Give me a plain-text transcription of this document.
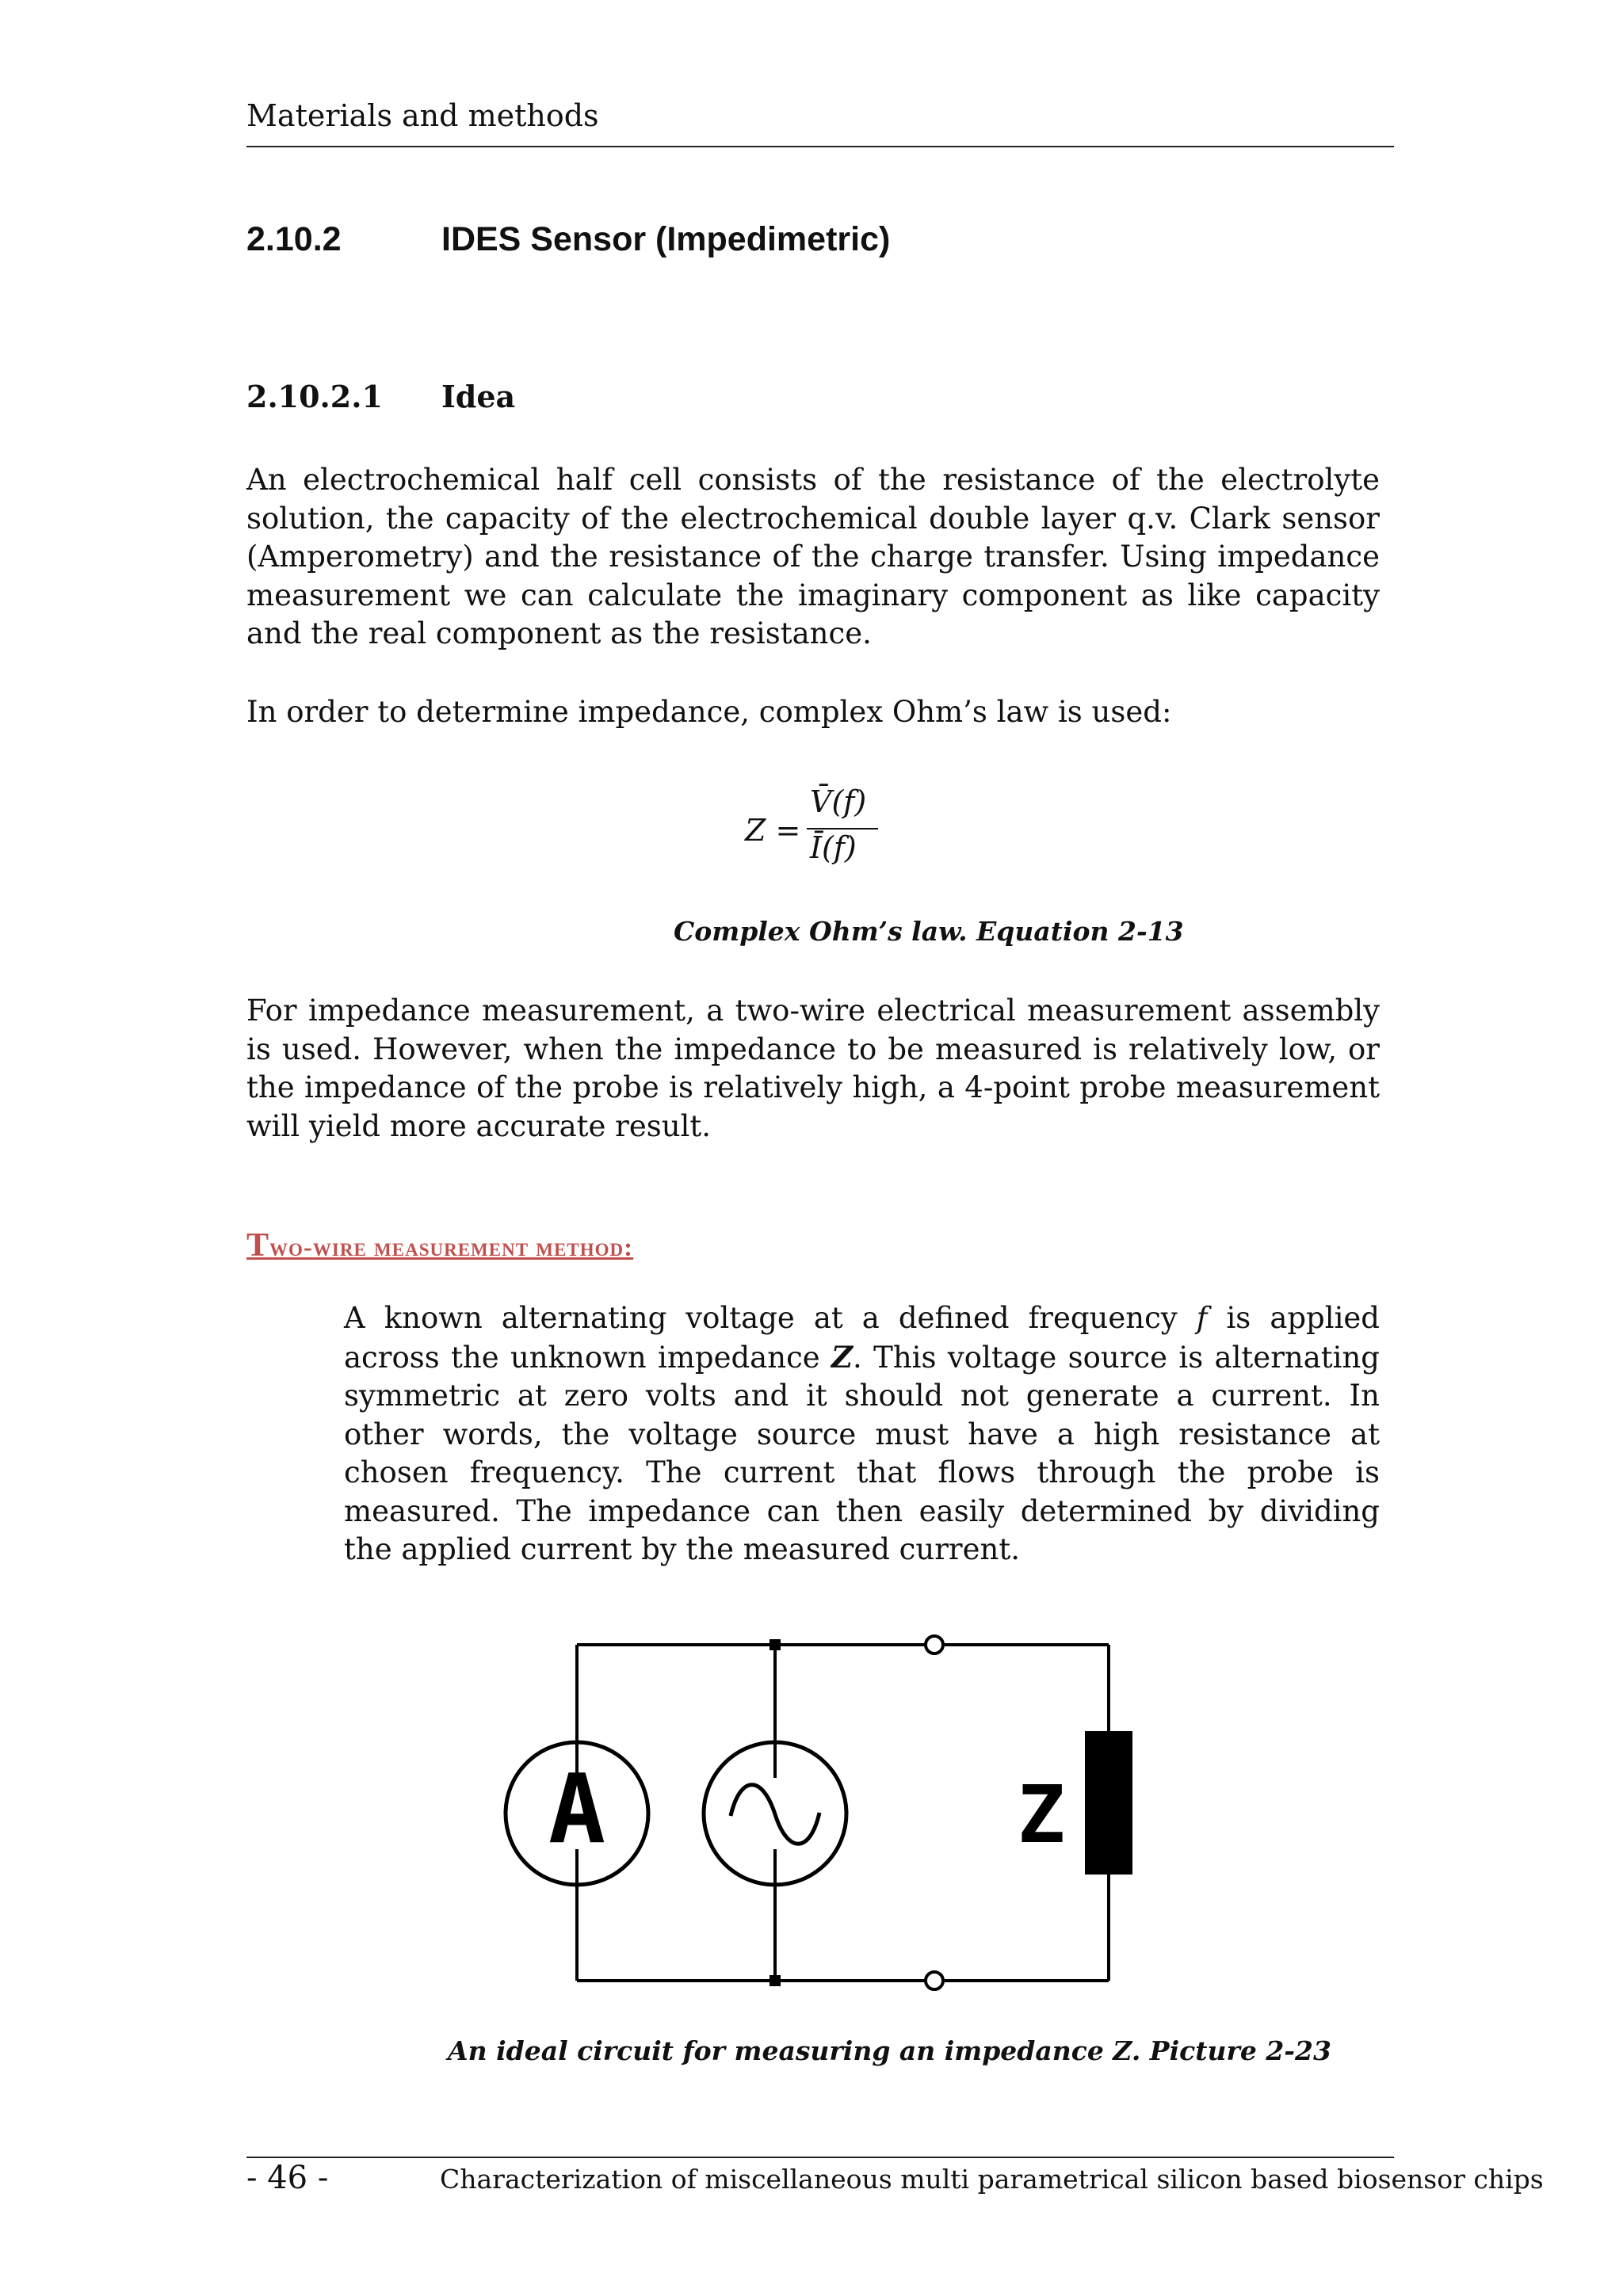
Materials and methods
2.10.2	IDES Sensor (Impedimetric)
2.10.2.1 Idea
An electrochemical half cell consists of the resistance of the electrolyte solution, the capacity of the electrochemical double layer q.v. Clark sensor (Amperometry) and the resistance of the charge transfer. Using impedance measurement we can calculate the imaginary component as like capacity and the real component as the resistance.
In order to determine impedance, complex Ohm’s law is used:
Z =
V̄(f)
Ī(f)
Complex Ohm’s law. Equation 2-13
For impedance measurement, a two-wire electrical measurement assembly is used. However, when the impedance to be measured is relatively low, or the impedance of the probe is relatively high, a 4-point probe measurement will yield more accurate result.
Two-wire measurement method:
A known alternating voltage at a defined frequency f is applied across the unknown impedance Z. This voltage source is alternating symmetric at zero volts and it should not generate a current. In other words, the voltage source must have a high resistance at chosen frequency. The current that flows through the probe is measured. The impedance can then easily determined by dividing the applied current by the measured current.
A	Z
An ideal circuit for measuring an impedance Z. Picture 2-23
- 46 -	Characterization of miscellaneous multi parametrical silicon based biosensor chips
